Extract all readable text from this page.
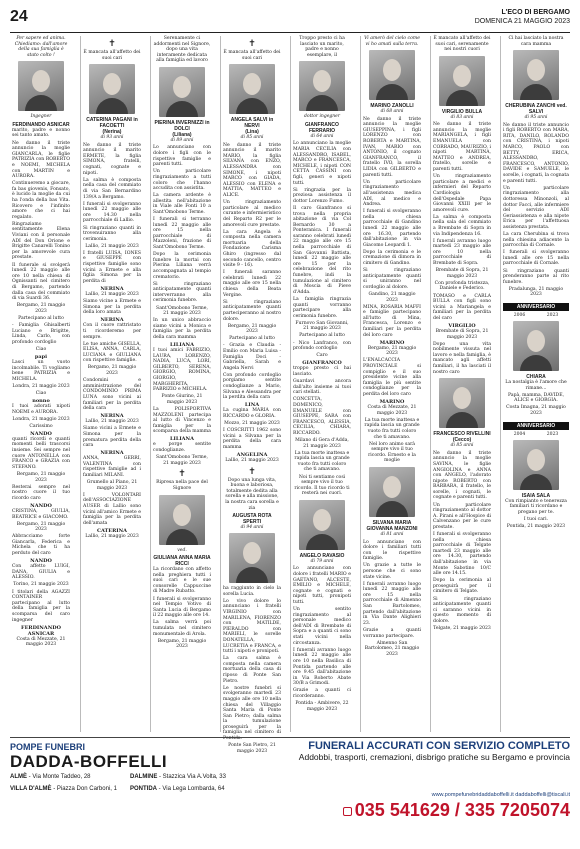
24	L'ECO DI BERGAMO
DOMENICA 21 MAGGIO 2023

Per sapere ed anima. Chiediamo: dall'amore della sua famiglia è stato colto !

Ingegner

FERDINANDO ASNICAR

marito, padre e nonno sei tanto amato.

Ne danno il triste annuncio la moglie GIANCARLA, le figlie PATRIZIA con ROBERTO e NOEMI, MICHELA con MARTIN e AURORA.

Continueremo a giocare, fa bas giovenis, Fonsato, è lucido la moglie da cui ha l'onda della bas Vita. Ricovero e l'infinito amore che ci hai regalato.

Ringraziamo sentitamente Elena Viviani con il personale ADI del Don Orione e Brigitte Canarelli Tonino per la amorevole cura prestate.

Il funerale si svolgerà lunedì 22 maggio alle ore 10 nella chiesa di Ognissanti nel cimitero di Bergamo, partendo dalla casa del commiato di via Suardi 36.

Bergamo, 21 maggio 2023

Partecipano al lutto

- Famiglia Ghisalberti Luciano e Brigitte, Linda, Carlo, con profondo cordoglio

Ciao

papi

Lasci un vuoto incolmabile. Ti vogliamo bene PATRIZIA e MICHELA.

Londra, 21 maggio 2023

Ciao

nonno

I tuoi adorati nipoti NOEMI e AURORA.

Londra, 21 maggio 2023

Carissimo

NANDO

quanti ricordi e quanti momenti belli trascorsi insieme. Sei sempre nel cuore ANTONELLA con FRANCO e GRAZIA con STEFANO.

Bergamo, 21 maggio 2023

Resterai sempre nel nostro cuore il tuo ricordo caro

NANDO

CRISTINA, GIULIA, BEATRICE e GIACOMO.

Bergamo, 21 maggio 2023

Abbracciamo forte Giancarla, Federica e Michela che ti ha perduto del caro

NANDO

Con affetto LUIGI, DANA, GIULIA e ALESSIO.

Torino, 21 maggio 2023

I titolari della AGAZZI CONTAINER partecipano al lutto della famiglia per la scomparsa del caro ingegner

FERDINANDO ASNICAR

Costa di Mezzate, 21 maggio 2023

✝

È mancata all'affetto dei suoi cari

CATERINA PAGANI in FACOETTI
(Nerina)

di 93 anni

Ne danno il triste annuncio il marito ERMETE, la figlia SIMONA, fratelli, cognati, cognate e nipoti.

La salma è composta nella casa del commiato di via San Bernardino 139/A a Bergamo.

I funerali si svolgeranno lunedì 22 maggio alle ore 14.30 nella parrocchiale di Lallio.

Si ringraziano quanti in trovenuiranno alla cerimonia.

Lallio, 21 maggio 2023

I fratelli LUISA, IONES e GIUSEPPE con rispettive famiglie sono vicini a Ermete e alla figlia Simona per la perdita di

NERINA

Lallio, 21 maggio 2023

Siamo vicine a Ermete e Simona per la perdita della loro amata

NERINA

Con il cuore rattristato ti ricorderemo per sempre.

Le tue amiche GISELLA, ELISA, ANNA, CARLA, LUCIANA e GIULIANA con rispettive famiglie.

Bergamo, 21 maggio 2023

Condomini e amministrazione del CONDOMINIO PRIMA LUNA sono vicini ai familiari per la perdita della cara

NERINA

Lallio, 21 maggio 2023

Siamo vicini a Ermete e Simona per la prematura perdita della cara

NERINA

ANNA, GERRI, VALENTINA con rispettive famiglie ad i familiari MILANI.

Grumello al Piano, 21 maggio 2023

I VOLONTARI dell'ASSOCIAZIONE AUSER di Lallio sono vicini all'amico Ermete e famiglia per la perdita dell'amata

CATERINA

Lallio, 21 maggio 2023

Serenamente ci addormenti nel Signore, dopo una vita interamente dedicata alla famiglia ed lavoro

PIERINA INVERNIZZI in DOLCI
(Liliana)

di 89 anni

Lo annunciano con dolore i figli con le rispettive famiglie e parenti tutti.

Un particolare ringraziamento a tutti coloro che l'hanno accudita con assistita.

La camera ardente è allestita nell'abitazione in Viale alle Fonti 10 a Sant'Omobono Terme.

I funerali si terranno lunedì 22 maggio alle ore 15 nella parrocchiale di Mazzoleni, frazione di Sant'Omobono Terme.

Dopo la cerimonia funebre la mortai con Pierina Liliana verrà accompagnata al tempio crematorio.

Si ringraziano anticipatamente quanti interverranno alla cerimonia funebre.

Sant'Omobono Terme, 21 maggio 2023

In un unico abbraccio siamo vicini a Monica e famiglia per la perdita della cara mamma

LILIANA

I tuoi amici FABRIZIO, LAURA, LORENZO, NADIA, LUCA, LORI, GILBERTO, SERENA, GIORGIO, ROMINA, GIORGIO, MARGHERITA, FABRIZIO e MICHELA.

Ponte Giurino, 21 maggio 2023

La POLISPORTIVA MAZZOLENI partecipa al lutto di Vincenzo e famiglia per la scomparsa della mamma

LILIANA

e porge sentite condoglianze.

Sant'Omobono Terme, 21 maggio 2023

✝

Ripresa nella pace del Signore

ved.

GIULIANA ANNA MARIA RICCI

La ricordano con affetto nella preghiera tutti i suoi cari e le sue consorelle Cappuccine di Madre Rubatto.

I funerali si svolgeranno nel Tempio Votivo di Santa Lucia di Bergamo il 22 maggio alle ore 14.

La salma verrà poi tumulata nel cimitero monumentale di Arola.

Bergamo, 21 maggio 2023

✝

È mancata all'affetto dei suoi cari

ANGELA SALVI in NERVI
(Lina)

di 85 anni

Ne danno il triste annuncio il marito MARIO, la figlia SILVANA con ENZO, ALESSANDRA con SIMONE, i nipoti MARCO con GIADA, ALESSIO con ELENA e MATTIA, MATTEO e ALICE.

Un ringraziamento particolare al medico curante e infermieristico del Reparto R2 per le amorevoli cure prestate.

La cara Angela è composta nella camera mortuaria della Fondazione Carisma Ghiro (ingresso dal secondo cancello, centro visite 9 - 16).

I funerali saranno celebrati lunedì 22 maggio alle ore 15 nella chiesa della Beata Vergine.

Si ringraziano anticipatamente quanti parteciperanno al nostro dolore.

Bergamo, 21 maggio 2023

Partecipano al lutto

- Grazia e Claudia - Emilio con Maria Luisa - Famiglia Doci - Gabriella, Sarah e Angela Nervi

Con profondo cordoglio porgiamo sentite condoglianze a Mario, Silvana e Alessandra per la perdita della cara

LINA

La cugina MARIA con RICCARDO e GLORIA.

Mozzo, 21 maggio 2023

I COSCRITTI 1962 sono vicini a Silvana per la perdita della cara mamma

ANGELINA

Lallio, 21 maggio 2023

✝

Dopo una lunga vita, buona e laboriosa, totalmente dedita alla sorella e alla missione, la nostra cara sorella e zia

AUGUSTA ROTA SPERTI

di 94 anni

ha raggiunto in cielo la sorella Lucia.

Lo vivo dolore lo annunciano i fratelli VIRGINIO con MARILENA, FIORENZO con MATILDE, PIERALDO con MARIELI, le sorelle DONATELLA, LUCRETIA e FRANCA, e tutti i nipoti e pronipoti.

La cara salma è composta nella camera mortuaria della casa di riposo di Ponte San Pietro.

Le nostre funebri si svolgeranno martedì 23 maggio alle ore 10 nella chiesa del Villaggio Santa Maria di Ponte San Pietro; dalla salma la tumulazione proseguirà per la famiglia nel cimitero di Pontida.

Ponte San Pietro, 21 maggio 2023

Troppo presto ci ha lasciato un marito, padre e nonno esemplare, il

dottor ingegner

GIANFRANCO FERRARIO

di 64 anni

Lo annunciano la moglie MARIA CECILIA con ALESSANDRO, ISABEL, MARCO e FRANCESCA, MICHELE, i nipoti CON CETTA CASSINI con figli, generi e nipoti tutti.

Si ringrazia per la preziosa assistenza il dottor Lorenzo Fumo.

Il caro Gianfranco si trova nella propria abitazione di via Col Bernardo 30 a Ponteranica. I funerali saranno celebrati lunedì 22 maggio alle ore 15 nella parrocchiale di San Giovanni Battista, lunedì 22 maggio alle ore 15 per la celebrazione del rito funebre, indi la tumulazione al cimitero di Moscia di Pieve d'Adda.

La famiglia ringrazia quanti vorranno partecipare alla cerimonia funebre.

Furnovo San Giovanni, 21 maggio 2023

Partecipano al lutto

- Nico Lanfranco, con profondo cordoglio

Caro

GIANFRANCO

troppo presto ci hai lasciato.

Guardavi ancora dall'alto insieme ai tuoi cari stellati.

CONCETTA, DOMENICO, EMANUELE con GIUSEPPE, SARA con FRANCESCO, ALESSIA, CECILIA, CHIARA, RICCARDO.

Milano di Gera d'Adda, 21 maggio 2023

La tua morte inattesa e rapida lascia un grande vuoto fra tutti coloro che ti amavano.

Noi ti sentiamo così sempre vivo il tuo ricordo. Il tuo ricordo ti resterà nei cuori.

ANGELO RAVASIO

di 79 anni

Lo annunciano con dolore i fratelli MARIO e GAETANO, ALCESTE, EMILIO e MICHELE, cognate e cognati e nipoti tutti, pronipoti tutti.

Un sentito ringraziamento al personale medico dell'ADI di Brembate di Sopra e a quanti ci sono stati vicini nella circostanza.

I funerali avranno luogo lunedì 22 maggio alle ore 10 nella Basilica di Pontida partendo alle ore 9.45 dall'abitazione in Via Roberto Abate 30/B a Grimodi.

Grazie a quanti ci ricorderanno.

Pontida - Ambivere, 22 maggio 2023

Vi amerò del cielo come vi ho amati sulla terra.

MARINO ZANOLLI

di 68 anni

Ne danno il triste annuncio la moglie GIUSEPPINA, i figli LORENZO con ROBERTA e MARTINA, IVAN, MARIO con ANTONIO, il cognato GIANFRANCO, il fratello IVO, la sorella LIDIA con GILBERTO e parenti tutti.

Un particolare ringraziamento all'assistenza medica ADI, al medico e Andrea.

I funerali si svolgeranno nella chiesa parrocchiale di Gandino lunedì 22 maggio alle ore 16.30, partendo dall'abitazione in via Giacomo Leopardi 1.

Dopo la cerimonia e le cremazione di dimora in cimitero di Gandino.

Si ringraziano anticipatamente quanti si uniranno nel cordoglio al dolore.

Gandino, 21 maggio 2023

MINA, ROSARIA MAFFI e famiglie partecipano all'lutto di Mina, Francesca, Lorenzo e familiari per la perdita del loro caro

MARINO

Bergamo, 21 maggio 2023

L'ENALCACCIA PROVINCIALE si compiglio e il suo presidente vicine alla famiglia le più sentite condoglianze per la perdita del loro caro

MARINO

Costa di Mezzate, 21 maggio 2023

La tua morte inattesa e rapida lascia un grande vuoto fra tutti coloro che ti amavano.

Nel loro animo sarà sempre vivo il tuo ricordo. Ernesto e la moglie

SILVANA MARIA GIOVANNA MANZONI

di 81 anni

Lo annunciano con dolore i familiari tutti con le rispettive famiglie.

Un grazie a tutte le persone che ci sono state vicine.

I funerali avranno luogo lunedì 22 maggio alle ore 15 nella parrocchiale di Almenno San Bartolomeo, partendo dall'abitazione in Via Dante Alighieri 23.

Grazie a quanti vorranno partecipare.

Almenno San Bartolomeo, 21 maggio 2023

È mancato all'affetto dei suoi cari, serenamente nei nostri cuori

VIRGILIO BULLA

di 83 anni

Ne danno il triste annuncio la moglie MARIANGELA, i figli EMANUELA con CORRADO, MAURIZIO, i nipoti MARTINA, MATTEO e ANDREA, fratello, sorelle e parenti tutti.

Un ringraziamento particolare a medici e infermieri del Reparto Cardiologia dell'Ospedale Papa Giovanni XXIII per le amorevoli cure.

La salma è composta nella sala del commiato a Brembate di Sopra in via Indipendenza 16.

I funerali avranno luogo martedì 23 maggio alle ore 10 nella parrocchiale di Brembate di Sopra.

Brembate di Sopra, 21 maggio 2023

Con profonda tristezza, Daniele e Federico.

TOMASO e CARLA BULLA con figli sono vicini a Mariangela e familiari per la perdita del caro

VIRGILIO

Brembate di Sopra, 21 maggio 2023

Dopo una vita nobilmente vissuta nel lavoro e nella famiglia, è mancato agli affetti familiari, il ha lasciati il nostro caro

FRANCESCO RIVELLINI
(Cecco)

di 85 anni

Ne danno il triste annuncio la moglie SAVINA, le figlie ANGIOLINA e ANNA con ANGELO, l'adorato nipote ROBERTO con BARBARA, il fratello, le sorelle, i cognati, le cognate e parenti tutti.

Un particolare ringraziamento al dottor A. Pirani e all'Hospice di Calvenzano per le cure prestate.

I funerali si svolgeranno nella chiesa parrocchiale di Telgate martedì 23 maggio alle ore 14.30, partendo dall'abitazione in via Monte Sabotino 10/C alle ore 14.15.

Dopo la cerimonia al proseguirà per il cimitero di Telgate.

Si ringraziano anticipatamente quanti ci saranno vicini in questo momento di dolore.

Telgate, 21 maggio 2023

Ci hai lasciato la nostra cara mamma

CHERUBINA ZANCHI ved. SALVI

di 95 anni

Ne danno il triste annuncio i figli ROBERTO con MARA, RITA, DANILO, ROLANDO con CRISTINA, i nipoti MARCO, PAOLO con BETTY, ERICA, ALESSANDRO, FRANCESCO, ANTONIO, DAVIDE e SAMUELE, le sorelle, i cognati, la cognata e parenti tutti.

Un particolare ringraziamento alla dottoressa Minonzoli, al dottor Facci, alle infermiere del servizio ADI Geriassistenza e alla nipote Erica per l'affettuosa assistenza prestata.

La cara Cherubina si trova nella chiesina adiacente la parrocchia di Cornale.

I funerali si svolgeranno lunedì alle ore 15 nella parrocchiale di Cornale.

Si ringraziano quanti prenderanno parte al rito funebre.

Pradalunga, 21 maggio 2023

ANNIVERSARIO
2006	2023
CHIARA

La nostalgia è l'amore che rimane...

Papà, mamma, DAVIDE, ALICE e GIORGIA.

Costa Imagna, 21 maggio 2023

ANNIVERSARIO
2004	2023
ISAIA SALA

Con rimpianto e tenerezza familiari ti ricordano e pregano per te.

I tuoi cari.

Pontida, 21 maggio 2023

POMPE FUNEBRI
DADDA-BOFFELLI
ALMÈ - Via Monte Taddeo, 28
VILLA D'ALMÈ - Piazza Don Carboni, 1
DALMINE - Stazzica Via A.Volta, 33
PONTIDA - Via Lega Lombarda, 64
FUNERALI ACCURATI CON SERVIZIO COMPLETO
Addobbi, trasporti, cremazioni, disbrigo pratiche su Bergamo e provincia
www.pompefunebridaddaboffelli.it daddaboffelli@tiscali.it
035 541629 / 335 7205074
